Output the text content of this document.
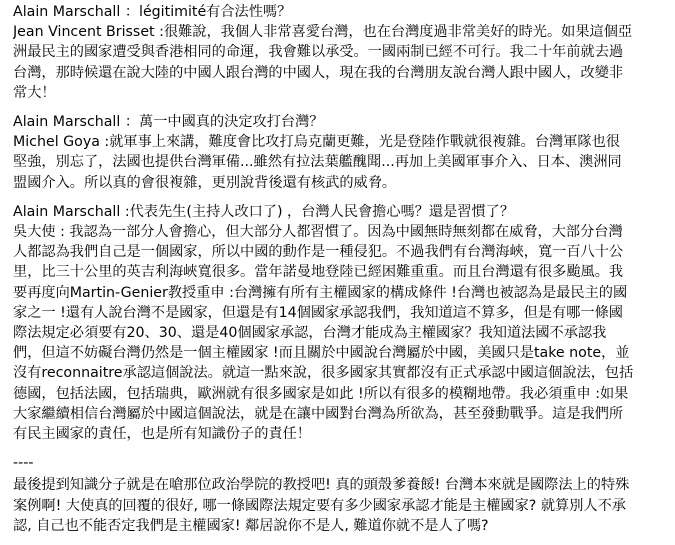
Alain Marschall ：légitimité有合法性嗎？
Jean Vincent Brisset :很難說，我個人非常喜愛台灣，也在台灣度過非常美好的時光。如果這個亞
洲最民主的國家遭受與香港相同的命運，我會難以承受。一國兩制已經不可行。我二十年前就去過
台灣，那時候還在說大陸的中國人跟台灣的中國人，現在我的台灣朋友說台灣人跟中國人，改變非
常大！
Alain Marschall ：萬一中國真的決定攻打台灣？
Michel Goya :就軍事上來講，難度會比攻打烏克蘭更難，光是登陸作戰就很複雜。台灣軍隊也很
堅強，別忘了，法國也提供台灣軍備...雖然有拉法葉艦醜聞...再加上美國軍事介入、日本、澳洲同
盟國介入。所以真的會很複雜，更別說背後還有核武的威脅。
Alain Marschall :代表先生(主持人改口了) ，台灣人民會擔心嗎？還是習慣了？
吳大使 : 我認為一部分人會擔心，但大部分人都習慣了。因為中國無時無刻都在威脅，大部分台灣
人都認為我們自己是一個國家，所以中國的動作是一種侵犯。不過我們有台灣海峽，寬一百八十公
里，比三十公里的英吉利海峽寬很多。當年諾曼地登陸已經困難重重。而且台灣還有很多颱風。我
要再度向Martin-Genier教授重申 :台灣擁有所有主權國家的構成條件 !台灣也被認為是最民主的國
家之一 !還有人說台灣不是國家，但還是有14個國家承認我們，我知道這不算多，但是有哪一條國
際法規定必須要有20、30、還是40個國家承認，台灣才能成為主權國家？我知道法國不承認我
們，但這不妨礙台灣仍然是一個主權國家 !而且關於中國說台灣屬於中國，美國只是take note，並
沒有reconnaitre承認這個說法。就這一點來說，很多國家其實都沒有正式承認中國這個說法，包括
德國，包括法國，包括瑞典，歐洲就有很多國家是如此 !所以有很多的模糊地帶。我必須重申 :如果
大家繼續相信台灣屬於中國這個說法，就是在讓中國對台灣為所欲為，甚至發動戰爭。這是我們所
有民主國家的責任，也是所有知識份子的責任！
----
最後提到知識分子就是在嗆那位政治學院的教授吧! 真的頭殼爹養餒! 台灣本來就是國際法上的特殊
案例啊! 大使真的回覆的很好, 哪一條國際法規定要有多少國家承認才能是主權國家? 就算別人不承
認, 自己也不能否定我們是主權國家! 鄰居說你不是人, 難道你就不是人了嗎?
